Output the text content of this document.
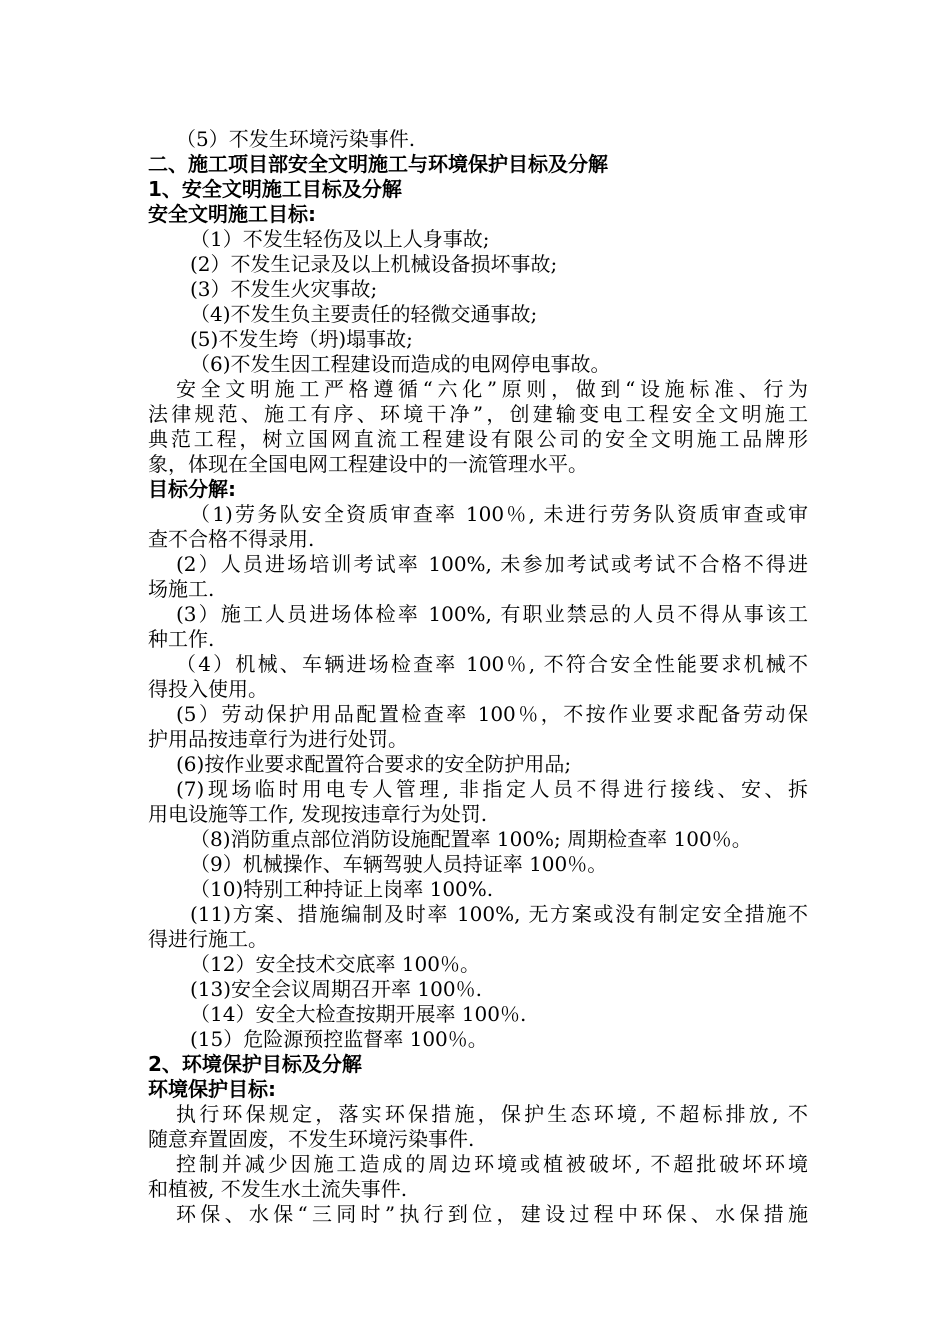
（5）不发生环境污染事件.
二、施工项目部安全文明施工与环境保护目标及分解
1、安全文明施工目标及分解
安全文明施工目标:
（1）不发生轻伤及以上人身事故;
(2）不发生记录及以上机械设备损坏事故;
(3）不发生火灾事故;
（4)不发生负主要责任的轻微交通事故;
(5)不发生垮（坍)塌事故;
（6)不发生因工程建设而造成的电网停电事故。
安全文明施工严格遵循“六化”原则，做到“设施标准、行为
法律规范、施工有序、环境干净”，创建输变电工程安全文明施工
典范工程，树立国网直流工程建设有限公司的安全文明施工品牌形
象，体现在全国电网工程建设中的一流管理水平。
目标分解:
（1)劳务队安全资质审查率 100％, 未进行劳务队资质审查或审
查不合格不得录用.
(2）人员进场培训考试率 100%, 未参加考试或考试不合格不得进
场施工.
(3）施工人员进场体检率 100%, 有职业禁忌的人员不得从事该工
种工作.
（4）机械、车辆进场检查率 100％, 不符合安全性能要求机械不
得投入使用。
(5）劳动保护用品配置检查率 100％，不按作业要求配备劳动保
护用品按违章行为进行处罚。
(6)按作业要求配置符合要求的安全防护用品;
(7)现场临时用电专人管理, 非指定人员不得进行接线、安、拆
用电设施等工作, 发现按违章行为处罚.
（8)消防重点部位消防设施配置率 100%; 周期检查率 100％。
（9）机械操作、车辆驾驶人员持证率 100％。
（10)特别工种持证上岗率 100%.
(11)方案、措施编制及时率 100%, 无方案或没有制定安全措施不
得进行施工。
（12）安全技术交底率 100％。
(13)安全会议周期召开率 100％.
（14）安全大检查按期开展率 100％.
(15）危险源预控监督率 100％。
2、环境保护目标及分解
环境保护目标:
执行环保规定，落实环保措施，保护生态环境, 不超标排放, 不
随意弃置固废，不发生环境污染事件.
控制并减少因施工造成的周边环境或植被破坏, 不超批破坏环境
和植被, 不发生水土流失事件.
环保、水保“三同时”执行到位，建设过程中环保、水保措施
